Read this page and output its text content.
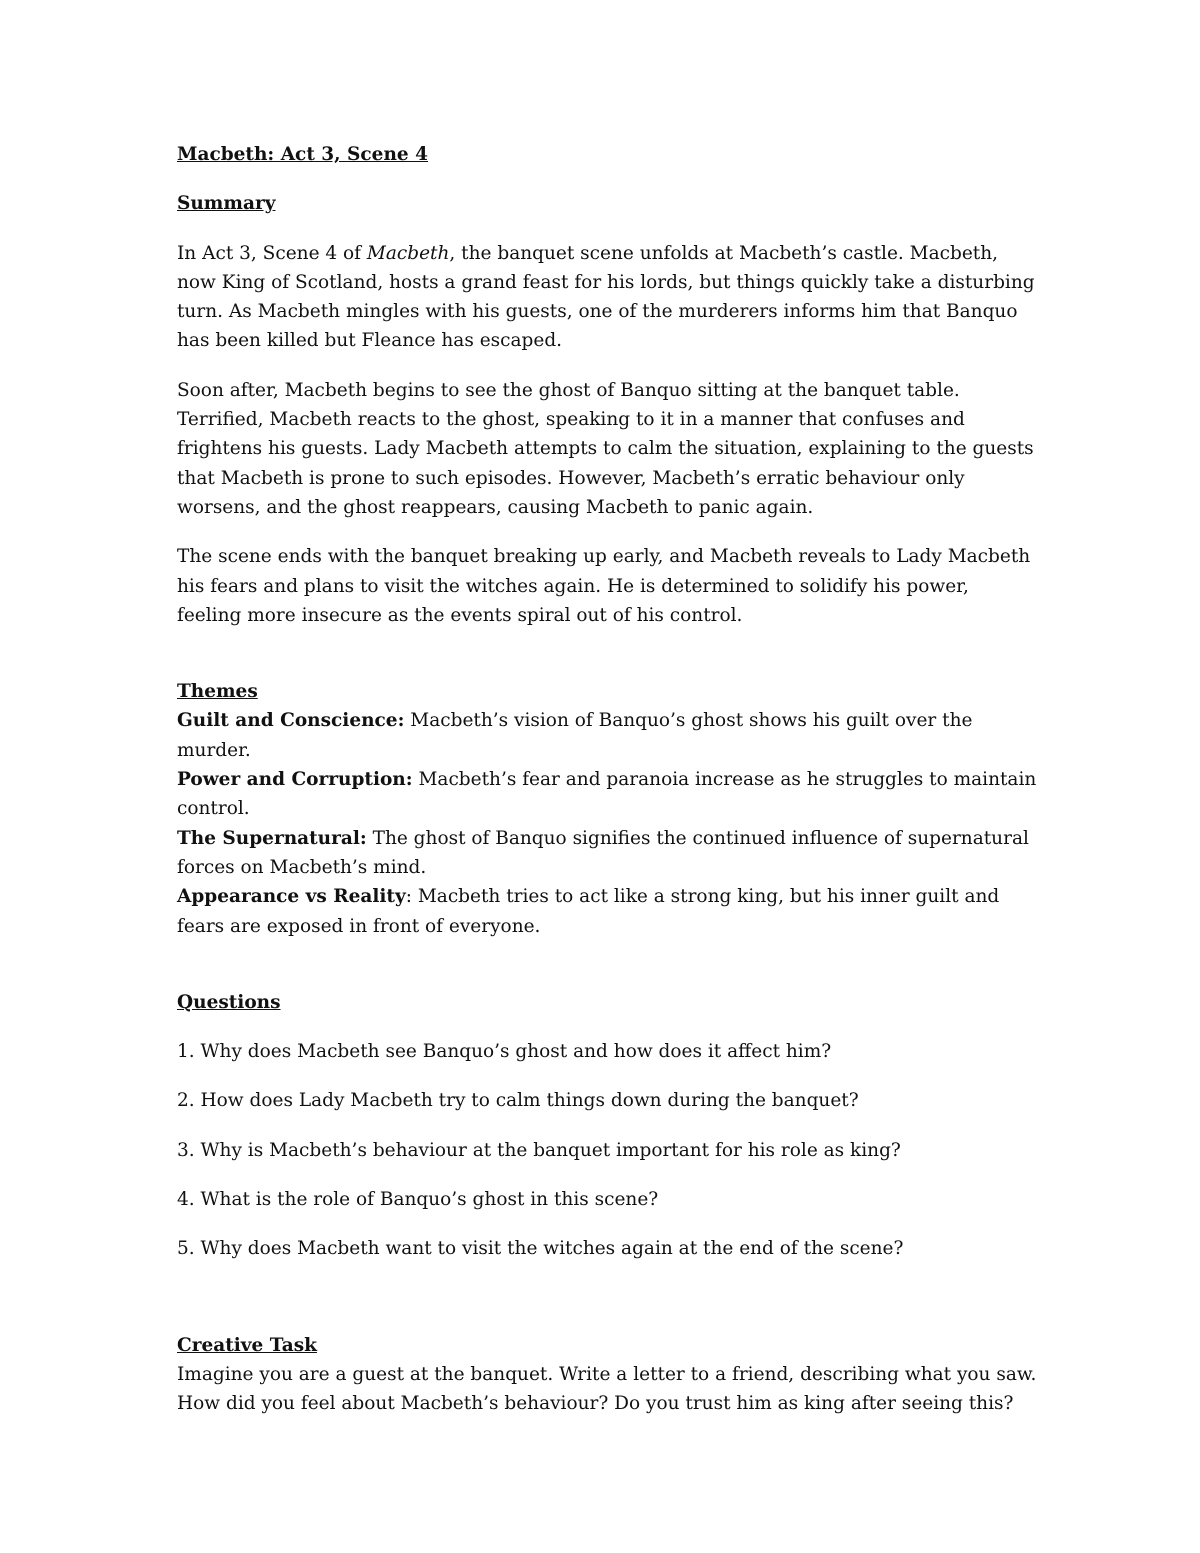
Macbeth: Act 3, Scene 4
Summary

In Act 3, Scene 4 of Macbeth, the banquet scene unfolds at Macbeth’s castle. Macbeth, now King of Scotland, hosts a grand feast for his lords, but things quickly take a disturbing turn. As Macbeth mingles with his guests, one of the murderers informs him that Banquo has been killed but Fleance has escaped.

Soon after, Macbeth begins to see the ghost of Banquo sitting at the banquet table. Terrified, Macbeth reacts to the ghost, speaking to it in a manner that confuses and frightens his guests. Lady Macbeth attempts to calm the situation, explaining to the guests that Macbeth is prone to such episodes. However, Macbeth’s erratic behaviour only worsens, and the ghost reappears, causing Macbeth to panic again.

The scene ends with the banquet breaking up early, and Macbeth reveals to Lady Macbeth his fears and plans to visit the witches again. He is determined to solidify his power, feeling more insecure as the events spiral out of his control.

Themes

Guilt and Conscience: Macbeth’s vision of Banquo’s ghost shows his guilt over the murder.

Power and Corruption: Macbeth’s fear and paranoia increase as he struggles to maintain control.

The Supernatural: The ghost of Banquo signifies the continued influence of supernatural forces on Macbeth’s mind.

Appearance vs Reality: Macbeth tries to act like a strong king, but his inner guilt and fears are exposed in front of everyone.

Questions

1. Why does Macbeth see Banquo’s ghost and how does it affect him?

2. How does Lady Macbeth try to calm things down during the banquet?

3. Why is Macbeth’s behaviour at the banquet important for his role as king?

4. What is the role of Banquo’s ghost in this scene?

5. Why does Macbeth want to visit the witches again at the end of the scene?

Creative Task

Imagine you are a guest at the banquet. Write a letter to a friend, describing what you saw. How did you feel about Macbeth’s behaviour? Do you trust him as king after seeing this?
